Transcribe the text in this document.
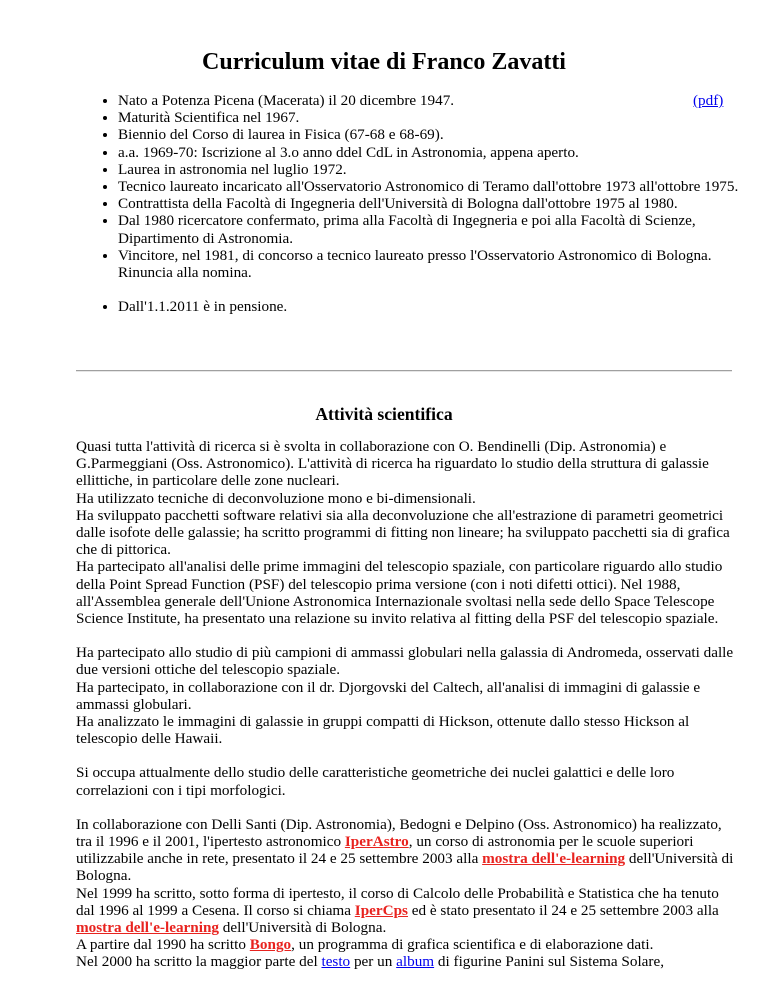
Curriculum vitae di Franco Zavatti
(pdf)
• Nato a Potenza Picena (Macerata) il 20 dicembre 1947.
• Maturità Scientifica nel 1967.
• Biennio del Corso di laurea in Fisica (67-68 e 68-69).
• a.a. 1969-70: Iscrizione al 3.o anno ddel CdL in Astronomia, appena aperto.
• Laurea in astronomia nel luglio 1972.
• Tecnico laureato incaricato all'Osservatorio Astronomico di Teramo dall'ottobre 1973 all'ottobre 1975.
• Contrattista della Facoltà di Ingegneria dell'Università di Bologna dall'ottobre 1975 al 1980.
• Dal 1980 ricercatore confermato, prima alla Facoltà di Ingegneria e poi alla Facoltà di Scienze, Dipartimento di Astronomia.
• Vincitore, nel 1981, di concorso a tecnico laureato presso l'Osservatorio Astronomico di Bologna. Rinuncia alla nomina.
• Dall'1.1.2011 è in pensione.
Attività scientifica

Quasi tutta l'attività di ricerca si è svolta in collaborazione con O. Bendinelli (Dip. Astronomia) e G.Parmeggiani (Oss. Astronomico). L'attività di ricerca ha riguardato lo studio della struttura di galassie ellittiche, in particolare delle zone nucleari.
Ha utilizzato tecniche di deconvoluzione mono e bi-dimensionali.
Ha sviluppato pacchetti software relativi sia alla deconvoluzione che all'estrazione di parametri geometrici dalle isofote delle galassie; ha scritto programmi di fitting non lineare; ha sviluppato pacchetti sia di grafica che di pittorica.
Ha partecipato all'analisi delle prime immagini del telescopio spaziale, con particolare riguardo allo studio della Point Spread Function (PSF) del telescopio prima versione (con i noti difetti ottici). Nel 1988, all'Assemblea generale dell'Unione Astronomica Internazionale svoltasi nella sede dello Space Telescope Science Institute, ha presentato una relazione su invito relativa al fitting della PSF del telescopio spaziale.

Ha partecipato allo studio di più campioni di ammassi globulari nella galassia di Andromeda, osservati dalle due versioni ottiche del telescopio spaziale.
Ha partecipato, in collaborazione con il dr. Djorgovski del Caltech, all'analisi di immagini di galassie e ammassi globulari.
Ha analizzato le immagini di galassie in gruppi compatti di Hickson, ottenute dallo stesso Hickson al telescopio delle Hawaii.

Si occupa attualmente dello studio delle caratteristiche geometriche dei nuclei galattici e delle loro correlazioni con i tipi morfologici.

In collaborazione con Delli Santi (Dip. Astronomia), Bedogni e Delpino (Oss. Astronomico) ha realizzato, tra il 1996 e il 2001, l'ipertesto astronomico IperAstro, un corso di astronomia per le scuole superiori utilizzabile anche in rete, presentato il 24 e 25 settembre 2003 alla mostra dell'e-learning dell'Università di Bologna.
Nel 1999 ha scritto, sotto forma di ipertesto, il corso di Calcolo delle Probabilità e Statistica che ha tenuto dal 1996 al 1999 a Cesena. Il corso si chiama IperCps ed è stato presentato il 24 e 25 settembre 2003 alla mostra dell'e-learning dell'Università di Bologna.
A partire dal 1990 ha scritto Bongo, un programma di grafica scientifica e di elaborazione dati.
Nel 2000 ha scritto la maggior parte del testo per un album di figurine Panini sul Sistema Solare,
